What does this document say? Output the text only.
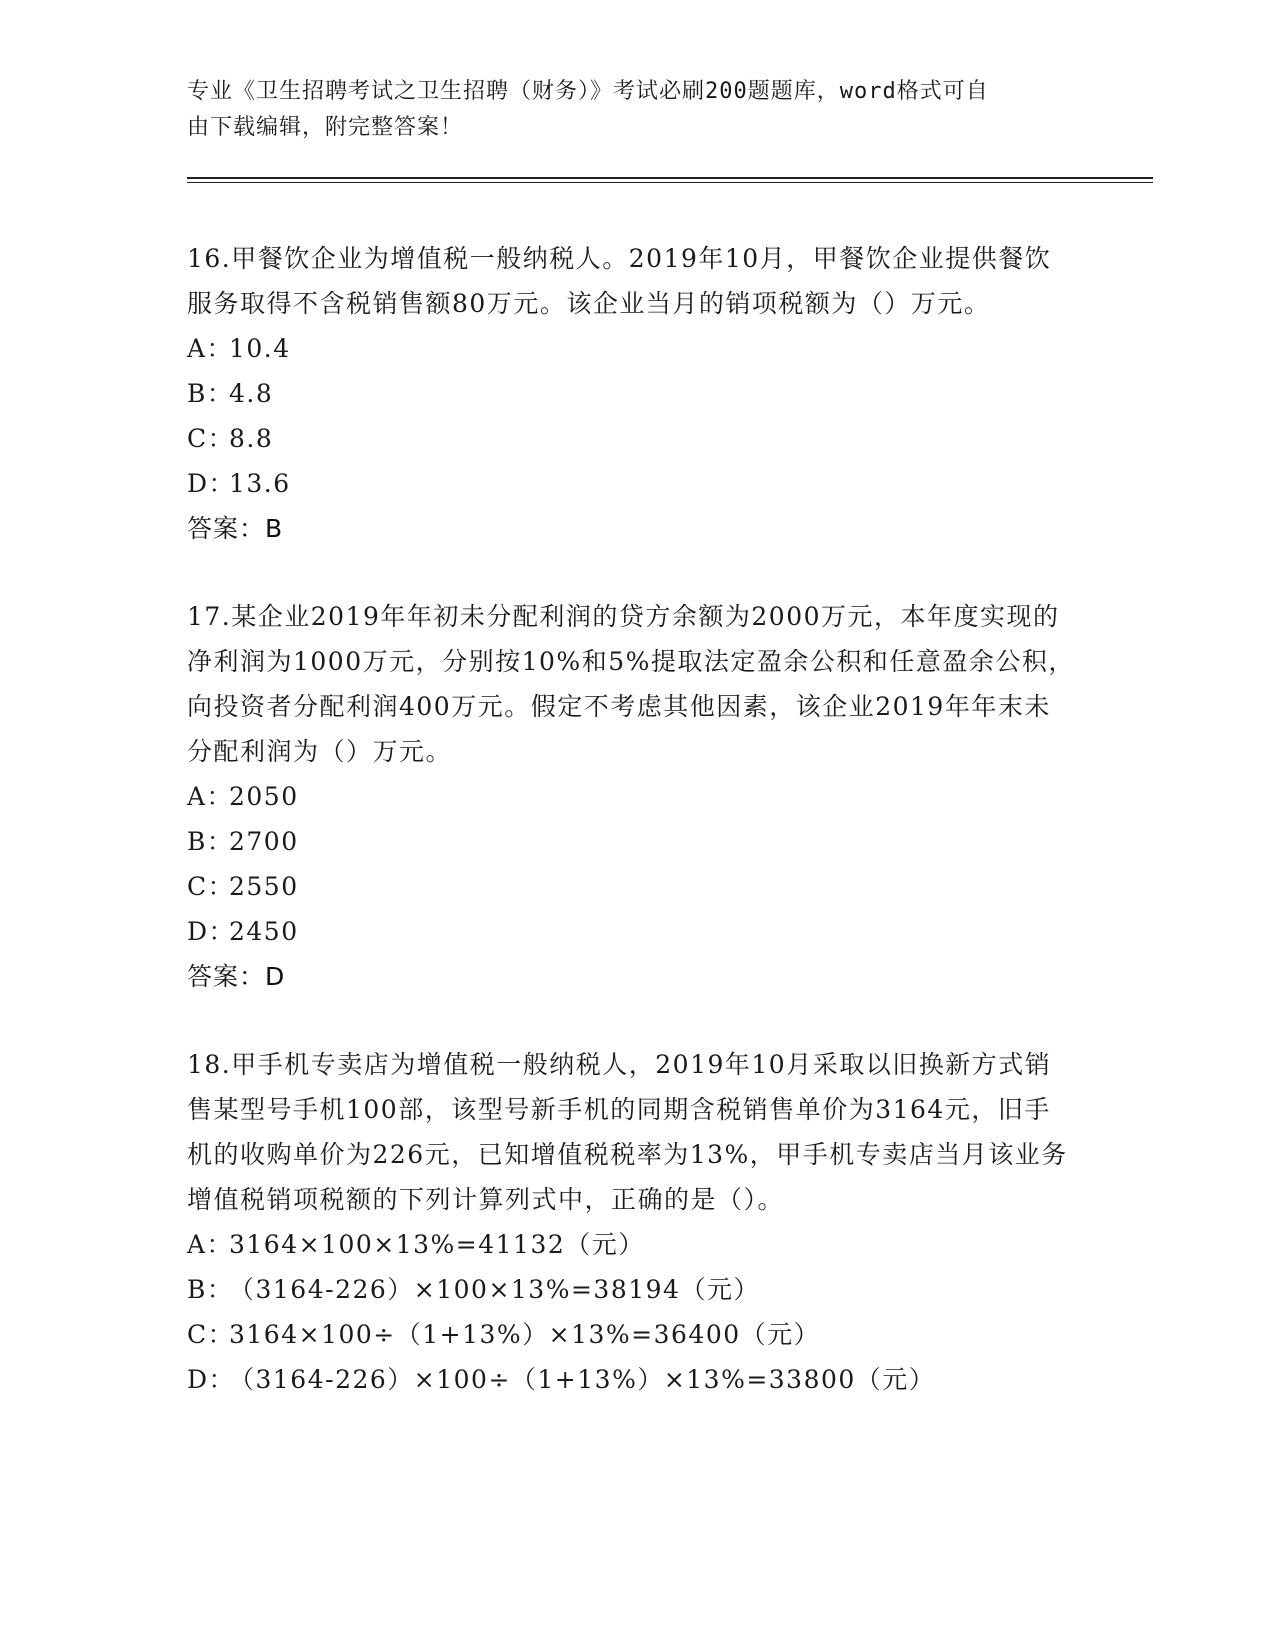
专业《卫生招聘考试之卫生招聘（财务）》考试必刷200题题库，word格式可自
由下载编辑，附完整答案！

16.甲餐饮企业为增值税一般纳税人。2019年10月，甲餐饮企业提供餐饮服务取得不含税销售额80万元。该企业当月的销项税额为（）万元。

A：10.4

B：4.8

C：8.8

D：13.6

答案：B

17.某企业2019年年初未分配利润的贷方余额为2000万元，本年度实现的净利润为1000万元，分别按10%和5%提取法定盈余公积和任意盈余公积，向投资者分配利润400万元。假定不考虑其他因素，该企业2019年年末未分配利润为（）万元。

A：2050

B：2700

C：2550

D：2450

答案：D

18.甲手机专卖店为增值税一般纳税人，2019年10月采取以旧换新方式销售某型号手机100部，该型号新手机的同期含税销售单价为3164元，旧手机的收购单价为226元，已知增值税税率为13%，甲手机专卖店当月该业务增值税销项税额的下列计算列式中，正确的是（）。

A：3164×100×13%=41132（元）

B：（3164-226）×100×13%=38194（元）

C：3164×100÷（1+13%）×13%=36400（元）

D：（3164-226）×100÷（1+13%）×13%=33800（元）
